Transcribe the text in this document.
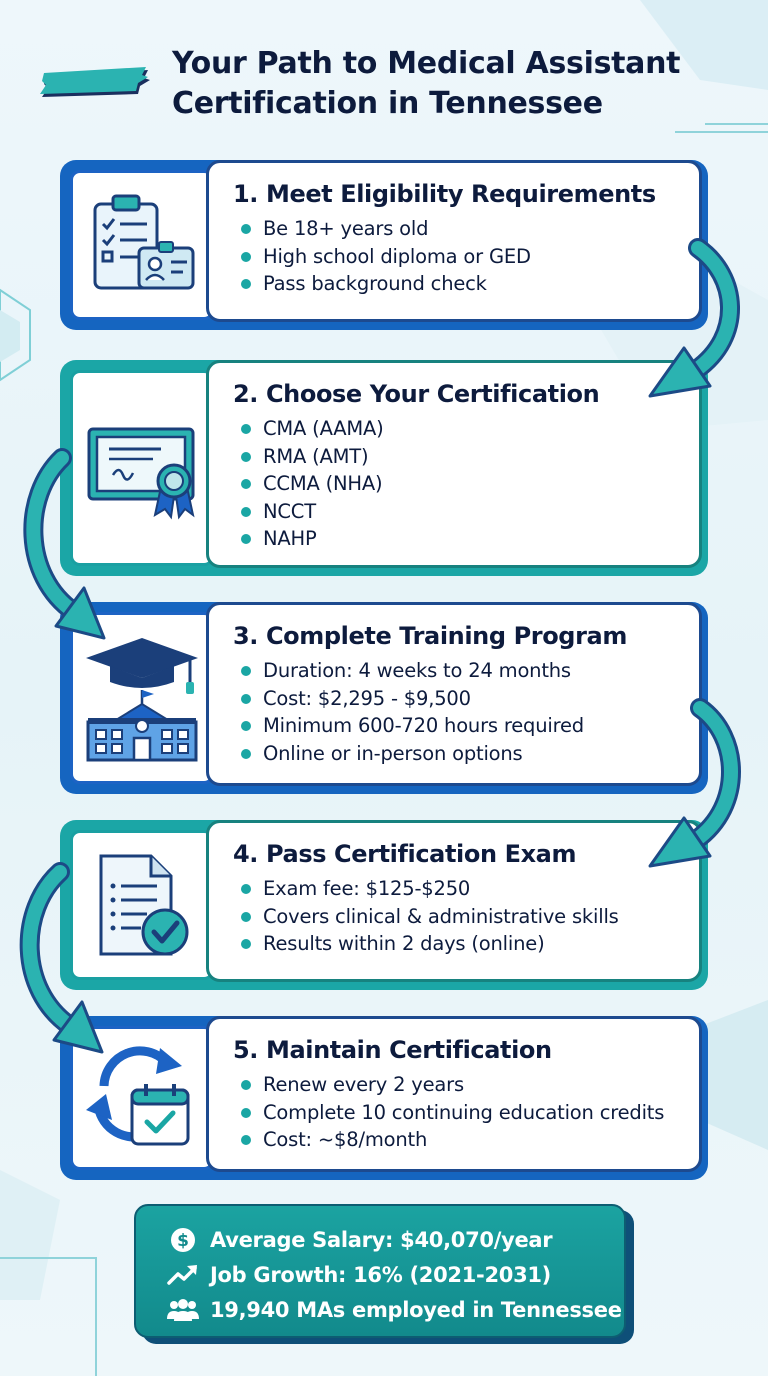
Your Path to Medical Assistant Certification in Tennessee
1. Meet Eligibility Requirements
Be 18+ years old
High school diploma or GED
Pass background check
2. Choose Your Certification
CMA (AAMA)
RMA (AMT)
CCMA (NHA)
NCCT
NAHP
3. Complete Training Program
Duration: 4 weeks to 24 months
Cost: $2,295 - $9,500
Minimum 600-720 hours required
Online or in-person options
4. Pass Certification Exam
Exam fee: $125-$250
Covers clinical & administrative skills
Results within 2 days (online)
5. Maintain Certification
Renew every 2 years
Complete 10 continuing education credits
Cost: ~$8/month
$ Average Salary: $40,070/year
Job Growth: 16% (2021-2031)
19,940 MAs employed in Tennessee
